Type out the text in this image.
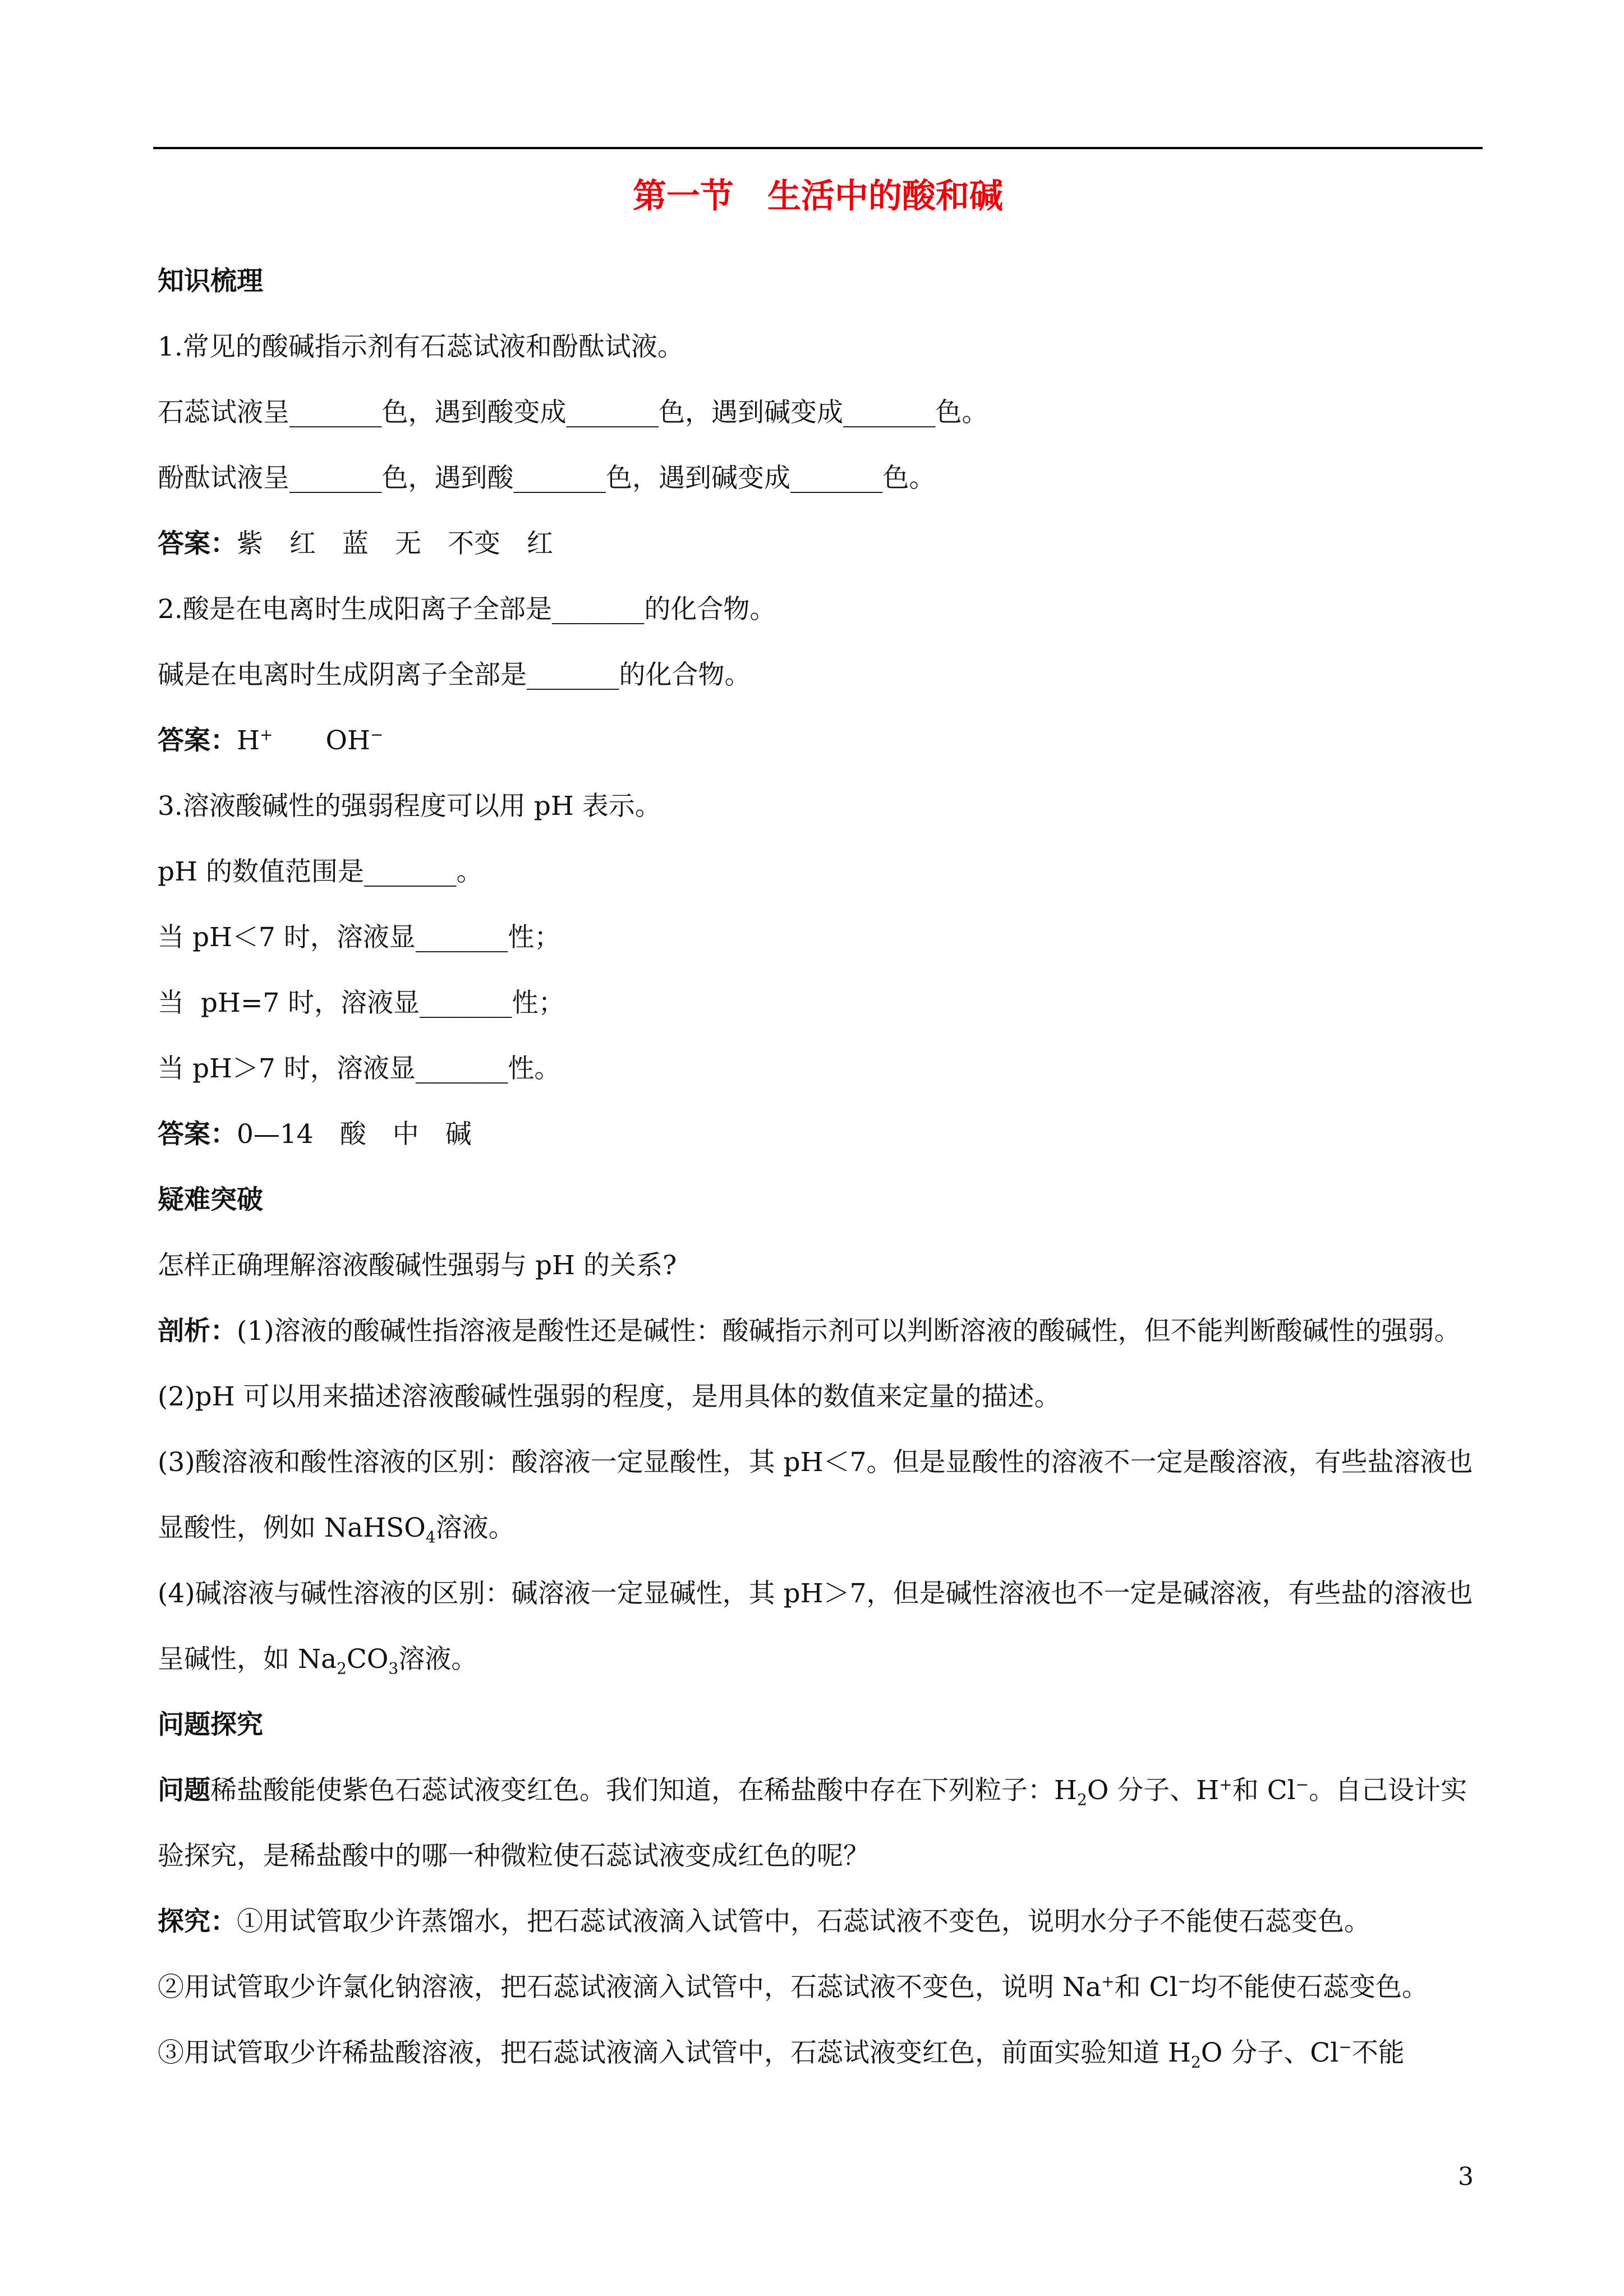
第一节　生活中的酸和碱
知识梳理
1.常见的酸碱指示剂有石蕊试液和酚酞试液。
石蕊试液呈_______色，遇到酸变成_______色，遇到碱变成_______色。
酚酞试液呈_______色，遇到酸_______色，遇到碱变成_______色。
答案：紫　红　蓝　无　不变　红
2.酸是在电离时生成阳离子全部是_______的化合物。
碱是在电离时生成阴离子全部是_______的化合物。
答案：H+　　 OH−
3.溶液酸碱性的强弱程度可以用 pH 表示。
pH 的数值范围是_______。
当 pH＜7 时，溶液显_______性；
当  pH=7 时，溶液显_______性；
当 pH＞7 时，溶液显_______性。
答案：0—14　酸　中　碱
疑难突破
怎样正确理解溶液酸碱性强弱与 pH 的关系?

剖析：(1)溶液的酸碱性指溶液是酸性还是碱性：酸碱指示剂可以判断溶液的酸碱性，但不能判断酸碱性的强弱。

(2)pH 可以用来描述溶液酸碱性强弱的程度，是用具体的数值来定量的描述。

(3)酸溶液和酸性溶液的区别：酸溶液一定显酸性，其 pH＜7。但是显酸性的溶液不一定是酸溶液，有些盐溶液也显酸性，例如 NaHSO$_4$溶液。

(4)碱溶液与碱性溶液的区别：碱溶液一定显碱性，其 pH＞7，但是碱性溶液也不一定是碱溶液，有些盐的溶液也呈碱性，如 $Na_2CO_3$溶液。

问题探究

问题稀盐酸能使紫色石蕊试液变红色。我们知道，在稀盐酸中存在下列粒子：$H_2O$ 分子、H+和 Cl−。自己设计实验探究，是稀盐酸中的哪一种微粒使石蕊试液变成红色的呢？

探究：①用试管取少许蒸馏水，把石蕊试液滴入试管中，石蕊试液不变色，说明水分子不能使石蕊变色。

②用试管取少许氯化钠溶液，把石蕊试液滴入试管中，石蕊试液不变色，说明 Na+和 Cl−均不能使石蕊变色。

③用试管取少许稀盐酸溶液，把石蕊试液滴入试管中，石蕊试液变红色，前面实验知道 $H_2O$ 分子、Cl−不能

3
